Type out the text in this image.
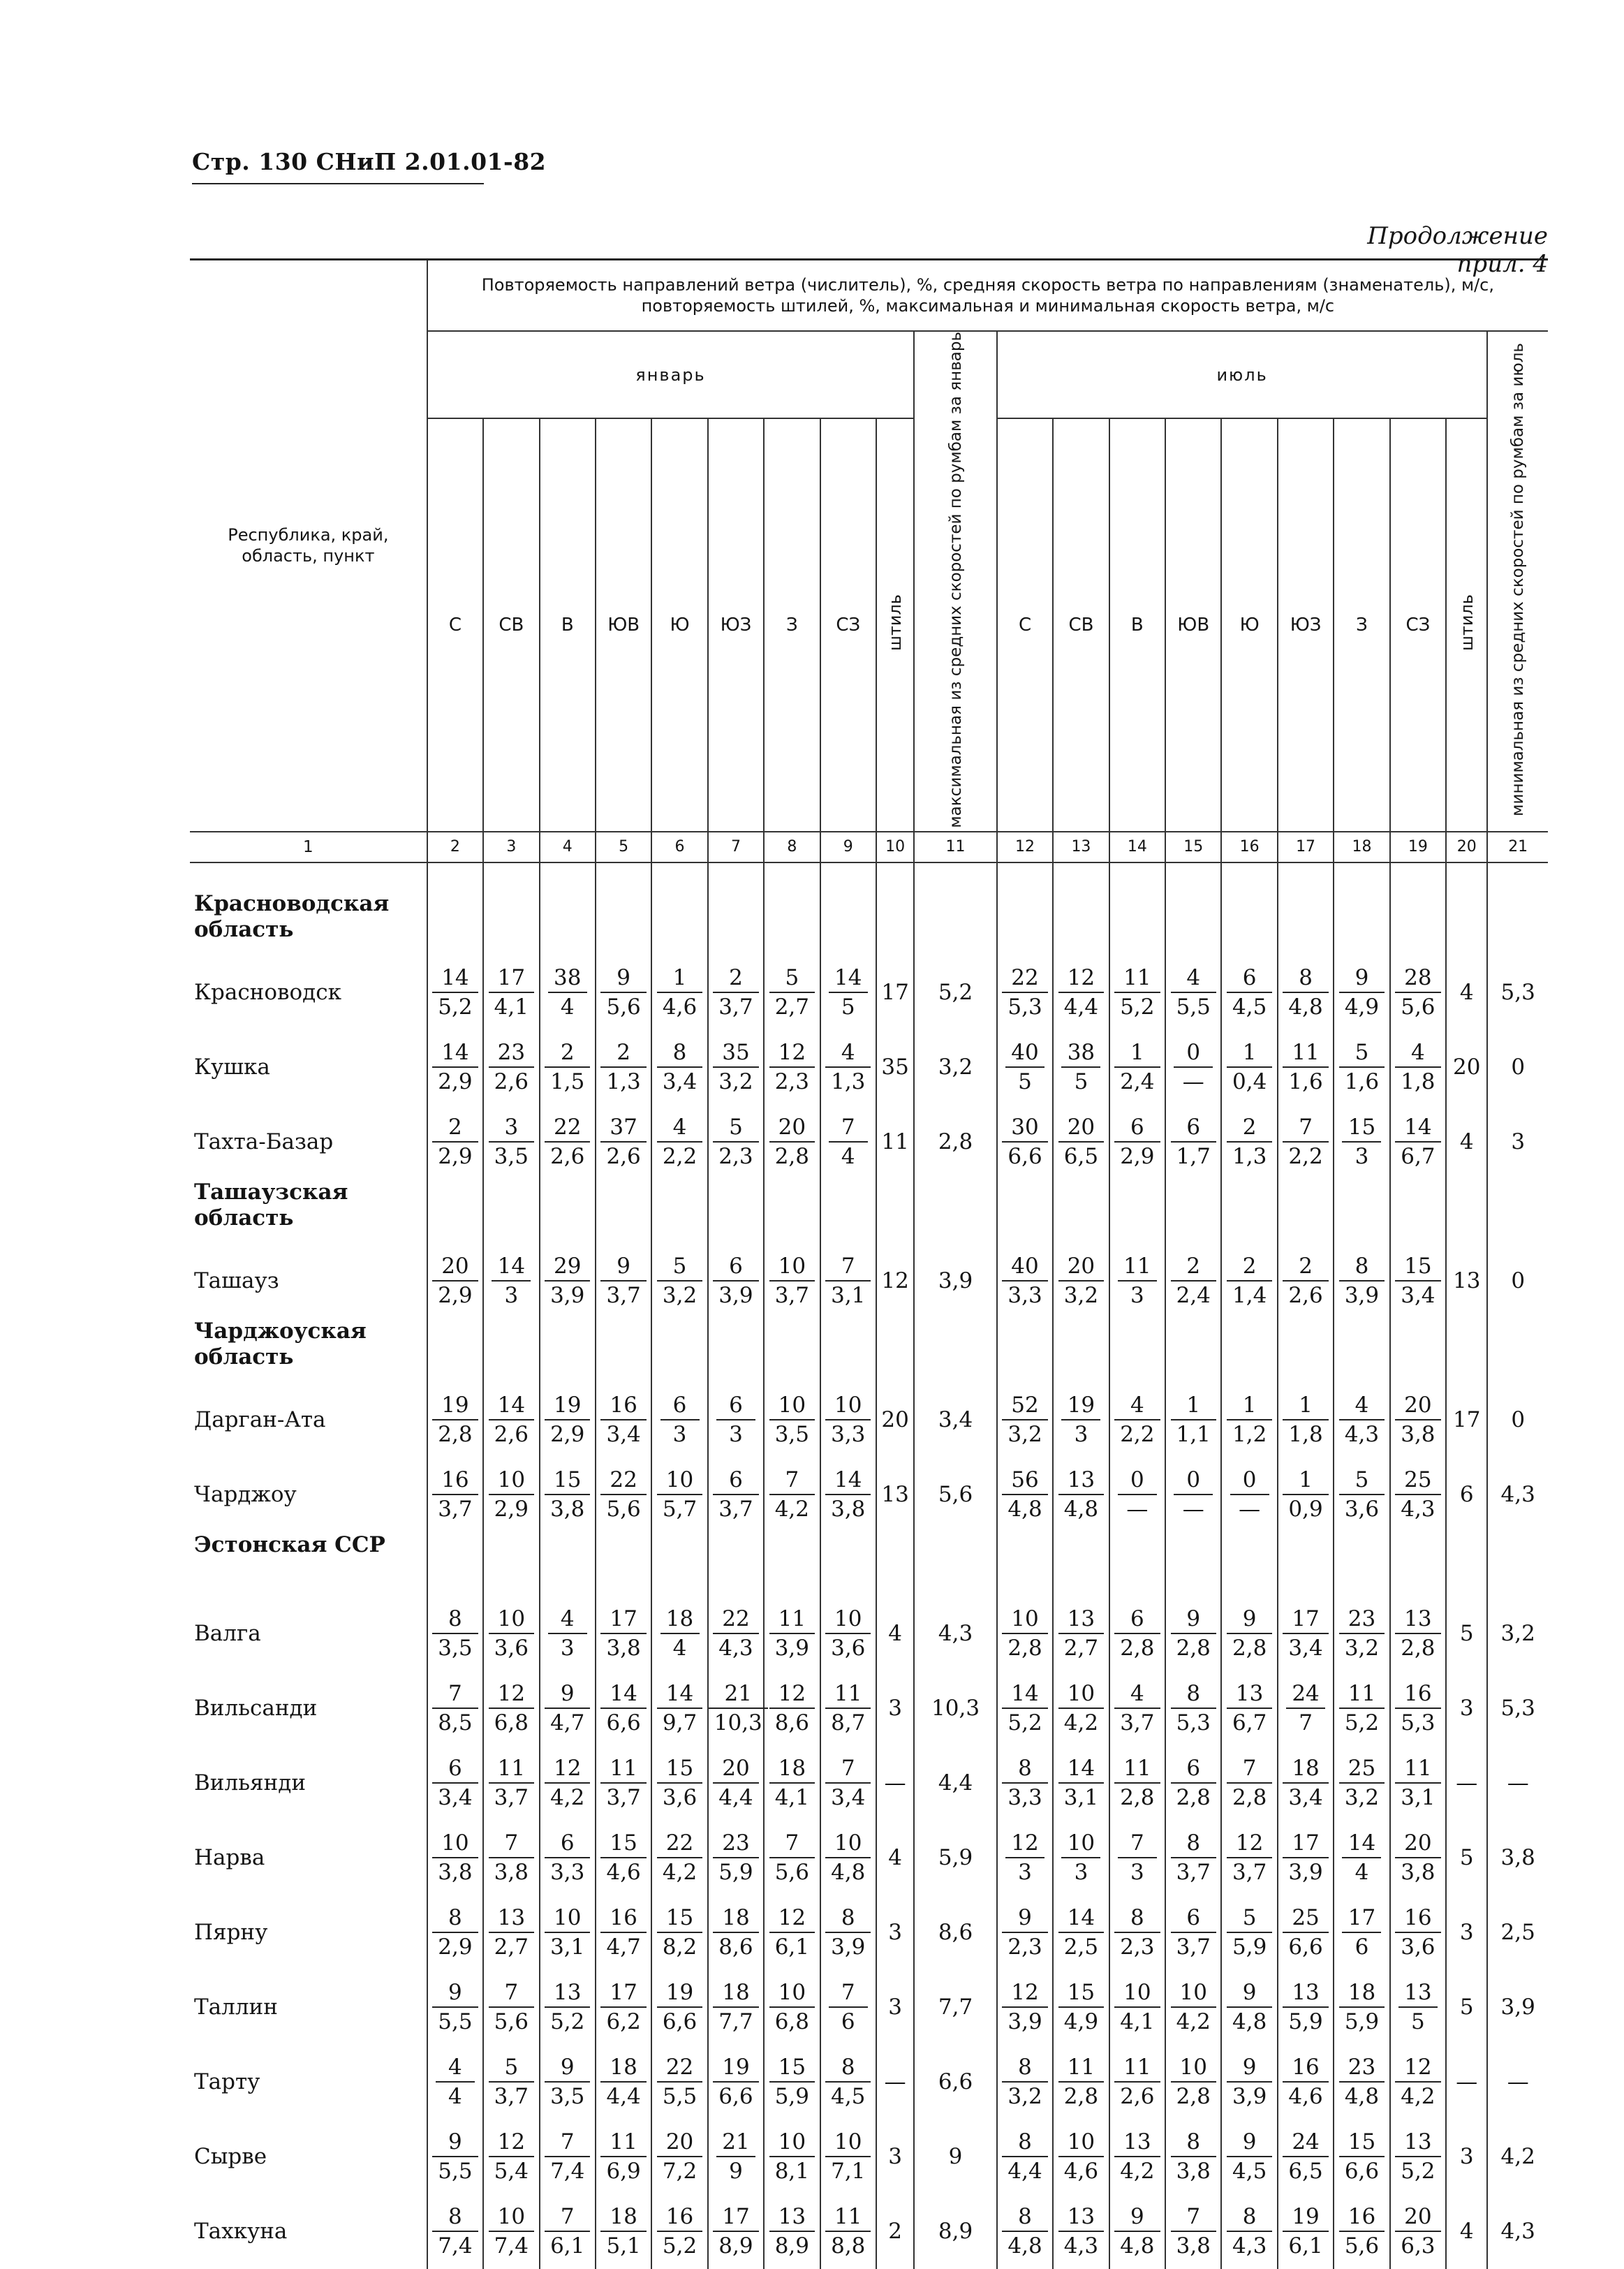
Стр. 130 СНиП 2.01.01-82
Продолжение прил. 4
Республика, край, область, пункт	Повторяемость направлений ветра (числитель), %, средняя скорость ветра по направлениям (знаменатель), м/с, повторяемость штилей, %, максимальная и минимальная скорость ветра, м/с																			
	январь									максимальная из средних скоростей по румбам за январь	июль									минимальная из средних скоростей по румбам за июль
	С	СВ	В	ЮВ	Ю	ЮЗ	З	СЗ	штиль		С	СВ	В	ЮВ	Ю	ЮЗ	З	СЗ	штиль	
1	2	3	4	5	6	7	8	9	10	11	12	13	14	15	16	17	18	19	20	21

Красноводская область																				
Красноводск	$\frac{14}{5,2}$	$\frac{17}{4,1}$	$\frac{38}{4}$	$\frac{9}{5,6}$	$\frac{1}{4,6}$	$\frac{2}{3,7}$	$\frac{5}{2,7}$	$\frac{14}{5}$	17	5,2	$\frac{22}{5,3}$	$\frac{12}{4,4}$	$\frac{11}{5,2}$	$\frac{4}{5,5}$	$\frac{6}{4,5}$	$\frac{8}{4,8}$	$\frac{9}{4,9}$	$\frac{28}{5,6}$	4	5,3
Кушка	$\frac{14}{2,9}$	$\frac{23}{2,6}$	$\frac{2}{1,5}$	$\frac{2}{1,3}$	$\frac{8}{3,4}$	$\frac{35}{3,2}$	$\frac{12}{2,3}$	$\frac{4}{1,3}$	35	3,2	$\frac{40}{5}$	$\frac{38}{5}$	$\frac{1}{2,4}$	$\frac{0}{—}$	$\frac{1}{0,4}$	$\frac{11}{1,6}$	$\frac{5}{1,6}$	$\frac{4}{1,8}$	20	0
Тахта-Базар	$\frac{2}{2,9}$	$\frac{3}{3,5}$	$\frac{22}{2,6}$	$\frac{37}{2,6}$	$\frac{4}{2,2}$	$\frac{5}{2,3}$	$\frac{20}{2,8}$	$\frac{7}{4}$	11	2,8	$\frac{30}{6,6}$	$\frac{20}{6,5}$	$\frac{6}{2,9}$	$\frac{6}{1,7}$	$\frac{2}{1,3}$	$\frac{7}{2,2}$	$\frac{15}{3}$	$\frac{14}{6,7}$	4	3
Ташаузская область																				
Ташауз	$\frac{20}{2,9}$	$\frac{14}{3}$	$\frac{29}{3,9}$	$\frac{9}{3,7}$	$\frac{5}{3,2}$	$\frac{6}{3,9}$	$\frac{10}{3,7}$	$\frac{7}{3,1}$	12	3,9	$\frac{40}{3,3}$	$\frac{20}{3,2}$	$\frac{11}{3}$	$\frac{2}{2,4}$	$\frac{2}{1,4}$	$\frac{2}{2,6}$	$\frac{8}{3,9}$	$\frac{15}{3,4}$	13	0
Чарджоуская область																				
Дарган-Ата	$\frac{19}{2,8}$	$\frac{14}{2,6}$	$\frac{19}{2,9}$	$\frac{16}{3,4}$	$\frac{6}{3}$	$\frac{6}{3}$	$\frac{10}{3,5}$	$\frac{10}{3,3}$	20	3,4	$\frac{52}{3,2}$	$\frac{19}{3}$	$\frac{4}{2,2}$	$\frac{1}{1,1}$	$\frac{1}{1,2}$	$\frac{1}{1,8}$	$\frac{4}{4,3}$	$\frac{20}{3,8}$	17	0
Чарджоу	$\frac{16}{3,7}$	$\frac{10}{2,9}$	$\frac{15}{3,8}$	$\frac{22}{5,6}$	$\frac{10}{5,7}$	$\frac{6}{3,7}$	$\frac{7}{4,2}$	$\frac{14}{3,8}$	13	5,6	$\frac{56}{4,8}$	$\frac{13}{4,8}$	$\frac{0}{—}$	$\frac{0}{—}$	$\frac{0}{—}$	$\frac{1}{0,9}$	$\frac{5}{3,6}$	$\frac{25}{4,3}$	6	4,3
Эстонская ССР																				
Валга	$\frac{8}{3,5}$	$\frac{10}{3,6}$	$\frac{4}{3}$	$\frac{17}{3,8}$	$\frac{18}{4}$	$\frac{22}{4,3}$	$\frac{11}{3,9}$	$\frac{10}{3,6}$	4	4,3	$\frac{10}{2,8}$	$\frac{13}{2,7}$	$\frac{6}{2,8}$	$\frac{9}{2,8}$	$\frac{9}{2,8}$	$\frac{17}{3,4}$	$\frac{23}{3,2}$	$\frac{13}{2,8}$	5	3,2
Вильсанди	$\frac{7}{8,5}$	$\frac{12}{6,8}$	$\frac{9}{4,7}$	$\frac{14}{6,6}$	$\frac{14}{9,7}$	$\frac{21}{10,3}$	$\frac{12}{8,6}$	$\frac{11}{8,7}$	3	10,3	$\frac{14}{5,2}$	$\frac{10}{4,2}$	$\frac{4}{3,7}$	$\frac{8}{5,3}$	$\frac{13}{6,7}$	$\frac{24}{7}$	$\frac{11}{5,2}$	$\frac{16}{5,3}$	3	5,3
Вильянди	$\frac{6}{3,4}$	$\frac{11}{3,7}$	$\frac{12}{4,2}$	$\frac{11}{3,7}$	$\frac{15}{3,6}$	$\frac{20}{4,4}$	$\frac{18}{4,1}$	$\frac{7}{3,4}$	—	4,4	$\frac{8}{3,3}$	$\frac{14}{3,1}$	$\frac{11}{2,8}$	$\frac{6}{2,8}$	$\frac{7}{2,8}$	$\frac{18}{3,4}$	$\frac{25}{3,2}$	$\frac{11}{3,1}$	—	—
Нарва	$\frac{10}{3,8}$	$\frac{7}{3,8}$	$\frac{6}{3,3}$	$\frac{15}{4,6}$	$\frac{22}{4,2}$	$\frac{23}{5,9}$	$\frac{7}{5,6}$	$\frac{10}{4,8}$	4	5,9	$\frac{12}{3}$	$\frac{10}{3}$	$\frac{7}{3}$	$\frac{8}{3,7}$	$\frac{12}{3,7}$	$\frac{17}{3,9}$	$\frac{14}{4}$	$\frac{20}{3,8}$	5	3,8
Пярну	$\frac{8}{2,9}$	$\frac{13}{2,7}$	$\frac{10}{3,1}$	$\frac{16}{4,7}$	$\frac{15}{8,2}$	$\frac{18}{8,6}$	$\frac{12}{6,1}$	$\frac{8}{3,9}$	3	8,6	$\frac{9}{2,3}$	$\frac{14}{2,5}$	$\frac{8}{2,3}$	$\frac{6}{3,7}$	$\frac{5}{5,9}$	$\frac{25}{6,6}$	$\frac{17}{6}$	$\frac{16}{3,6}$	3	2,5
Таллин	$\frac{9}{5,5}$	$\frac{7}{5,6}$	$\frac{13}{5,2}$	$\frac{17}{6,2}$	$\frac{19}{6,6}$	$\frac{18}{7,7}$	$\frac{10}{6,8}$	$\frac{7}{6}$	3	7,7	$\frac{12}{3,9}$	$\frac{15}{4,9}$	$\frac{10}{4,1}$	$\frac{10}{4,2}$	$\frac{9}{4,8}$	$\frac{13}{5,9}$	$\frac{18}{5,9}$	$\frac{13}{5}$	5	3,9
Тарту	$\frac{4}{4}$	$\frac{5}{3,7}$	$\frac{9}{3,5}$	$\frac{18}{4,4}$	$\frac{22}{5,5}$	$\frac{19}{6,6}$	$\frac{15}{5,9}$	$\frac{8}{4,5}$	—	6,6	$\frac{8}{3,2}$	$\frac{11}{2,8}$	$\frac{11}{2,6}$	$\frac{10}{2,8}$	$\frac{9}{3,9}$	$\frac{16}{4,6}$	$\frac{23}{4,8}$	$\frac{12}{4,2}$	—	—
Сырве	$\frac{9}{5,5}$	$\frac{12}{5,4}$	$\frac{7}{7,4}$	$\frac{11}{6,9}$	$\frac{20}{7,2}$	$\frac{21}{9}$	$\frac{10}{8,1}$	$\frac{10}{7,1}$	3	9	$\frac{8}{4,4}$	$\frac{10}{4,6}$	$\frac{13}{4,2}$	$\frac{8}{3,8}$	$\frac{9}{4,5}$	$\frac{24}{6,5}$	$\frac{15}{6,6}$	$\frac{13}{5,2}$	3	4,2
Тахкуна	$\frac{8}{7,4}$	$\frac{10}{7,4}$	$\frac{7}{6,1}$	$\frac{18}{5,1}$	$\frac{16}{5,2}$	$\frac{17}{8,9}$	$\frac{13}{8,9}$	$\frac{11}{8,8}$	2	8,9	$\frac{8}{4,8}$	$\frac{13}{4,3}$	$\frac{9}{4,8}$	$\frac{7}{3,8}$	$\frac{8}{4,3}$	$\frac{19}{6,1}$	$\frac{16}{5,6}$	$\frac{20}{6,3}$	4	4,3
